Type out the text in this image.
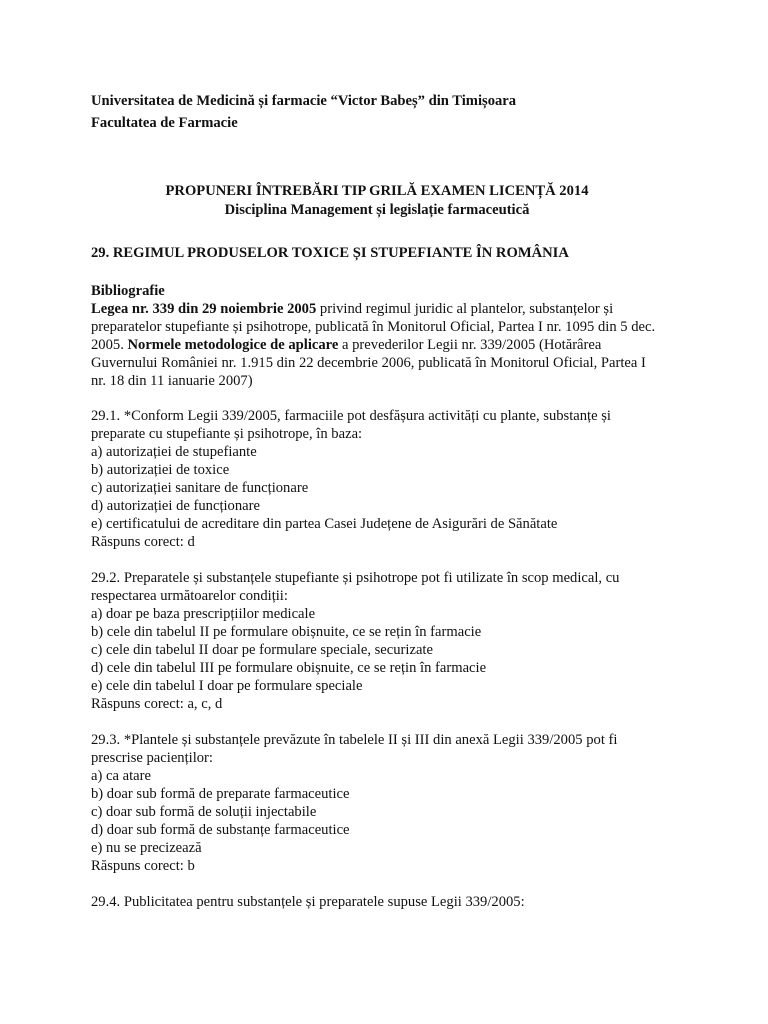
Universitatea de Medicină și farmacie “Victor Babeș” din Timișoara
Facultatea de Farmacie
PROPUNERI ÎNTREBĂRI TIP GRILĂ EXAMEN LICENȚĂ 2014
Disciplina Management și legislație farmaceutică
29. REGIMUL PRODUSELOR TOXICE ȘI STUPEFIANTE ÎN ROMÂNIA
Bibliografie
Legea nr. 339 din 29 noiembrie 2005 privind regimul juridic al plantelor, substanțelor și
preparatelor stupefiante și psihotrope, publicată în Monitorul Oficial, Partea I nr. 1095 din 5 dec.
2005. Normele metodologice de aplicare a prevederilor Legii nr. 339/2005 (Hotărârea
Guvernului României nr. 1.915 din 22 decembrie 2006, publicată în Monitorul Oficial, Partea I
nr. 18 din 11 ianuarie 2007)
29.1. *Conform Legii 339/2005, farmaciile pot desfășura activități cu plante, substanțe și
preparate cu stupefiante și psihotrope, în baza:
a) autorizației de stupefiante
b) autorizației de toxice
c) autorizației sanitare de funcționare
d) autorizației de funcționare
e) certificatului de acreditare din partea Casei Județene de Asigurări de Sănătate
Răspuns corect: d
29.2. Preparatele și substanțele stupefiante și psihotrope pot fi utilizate în scop medical, cu
respectarea următoarelor condiții:
a) doar pe baza prescripțiilor medicale
b) cele din tabelul II pe formulare obișnuite, ce se rețin în farmacie
c) cele din tabelul II doar pe formulare speciale, securizate
d) cele din tabelul III pe formulare obișnuite, ce se rețin în farmacie
e) cele din tabelul I doar pe formulare speciale
Răspuns corect: a, c, d
29.3. *Plantele și substanțele prevăzute în tabelele II și III din anexă Legii 339/2005 pot fi
prescrise pacienților:
a) ca atare
b) doar sub formă de preparate farmaceutice
c) doar sub formă de soluții injectabile
d) doar sub formă de substanțe farmaceutice
e) nu se precizează
Răspuns corect: b
29.4. Publicitatea pentru substanțele și preparatele supuse Legii 339/2005:
